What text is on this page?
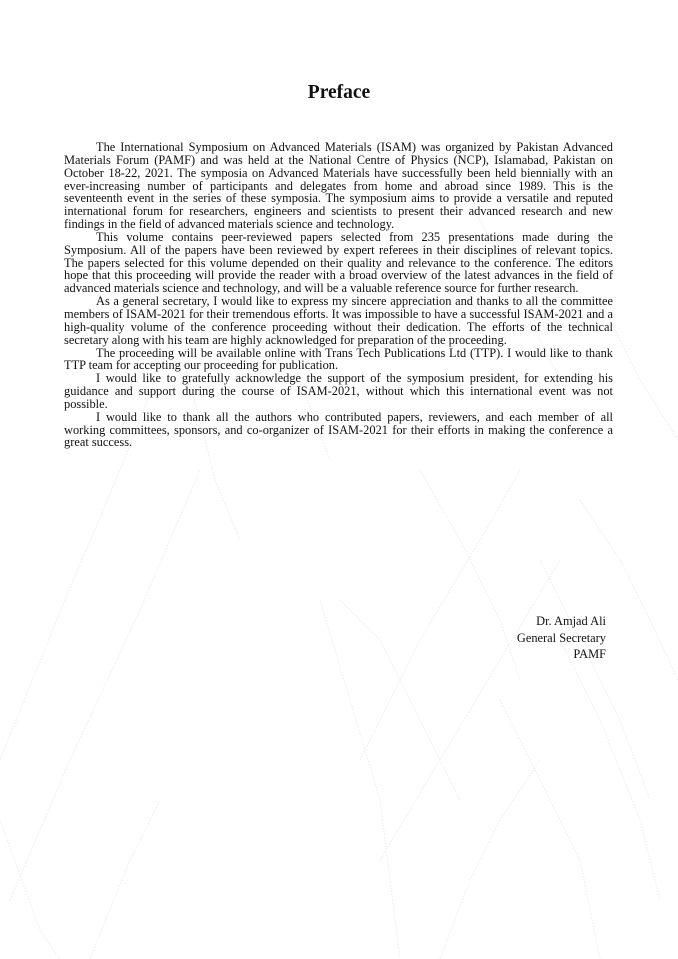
Preface

The International Symposium on Advanced Materials (ISAM) was organized by Pakistan Advanced Materials Forum (PAMF) and was held at the National Centre of Physics (NCP), Islamabad, Pakistan on October 18-22, 2021. The symposia on Advanced Materials have successfully been held biennially with an ever-increasing number of participants and delegates from home and abroad since 1989. This is the seventeenth event in the series of these symposia. The symposium aims to provide a versatile and reputed international forum for researchers, engineers and scientists to present their advanced research and new findings in the field of advanced materials science and technology.

This volume contains peer-reviewed papers selected from 235 presentations made during the Symposium. All of the papers have been reviewed by expert referees in their disciplines of relevant topics. The papers selected for this volume depended on their quality and relevance to the conference. The editors hope that this proceeding will provide the reader with a broad overview of the latest advances in the field of advanced materials science and technology, and will be a valuable reference source for further research.

As a general secretary, I would like to express my sincere appreciation and thanks to all the committee members of ISAM-2021 for their tremendous efforts. It was impossible to have a successful ISAM-2021 and a high-quality volume of the conference proceeding without their dedication. The efforts of the technical secretary along with his team are highly acknowledged for preparation of the proceeding.

The proceeding will be available online with Trans Tech Publications Ltd (TTP). I would like to thank TTP team for accepting our proceeding for publication.

I would like to gratefully acknowledge the support of the symposium president, for extending his guidance and support during the course of ISAM-2021, without which this international event was not possible.

I would like to thank all the authors who contributed papers, reviewers, and each member of all working committees, sponsors, and co-organizer of ISAM-2021 for their efforts in making the conference a great success.

Dr. Amjad Ali
General Secretary
PAMF
